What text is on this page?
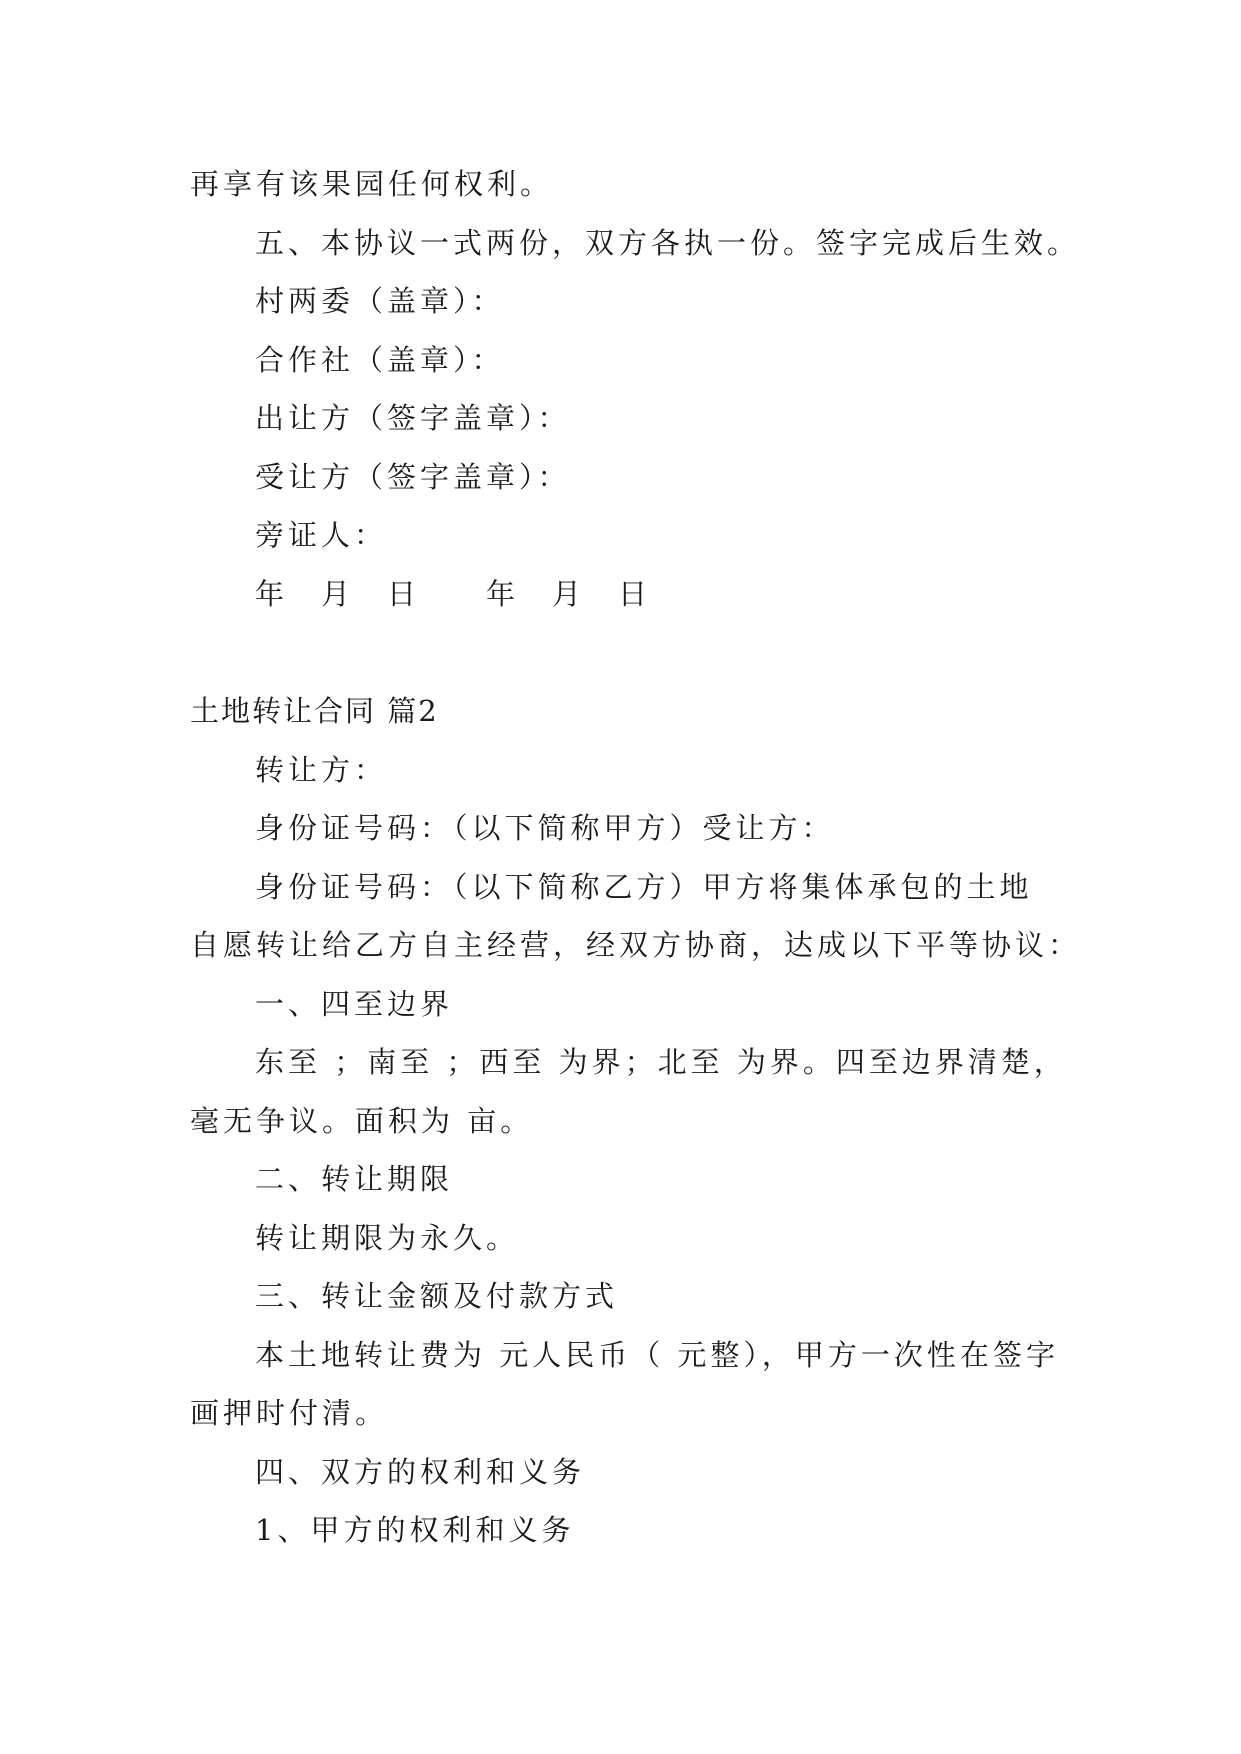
再享有该果园任何权利。
五、本协议一式两份，双方各执一份。签字完成后生效。
村两委（盖章）：
合作社（盖章）：
出让方（签字盖章）：
受让方（签字盖章）：
旁证人：
年　月　日　　年　月　日
土地转让合同 篇2
转让方：
身份证号码：（以下简称甲方）受让方：
身份证号码：（以下简称乙方）甲方将集体承包的土地
自愿转让给乙方自主经营，经双方协商，达成以下平等协议：
一、四至边界
东至 ；南至 ；西至 为界；北至 为界。四至边界清楚，
毫无争议。面积为 亩。
二、转让期限
转让期限为永久。
三、转让金额及付款方式
本土地转让费为 元人民币（ 元整），甲方一次性在签字
画押时付清。
四、双方的权利和义务
1、甲方的权利和义务
